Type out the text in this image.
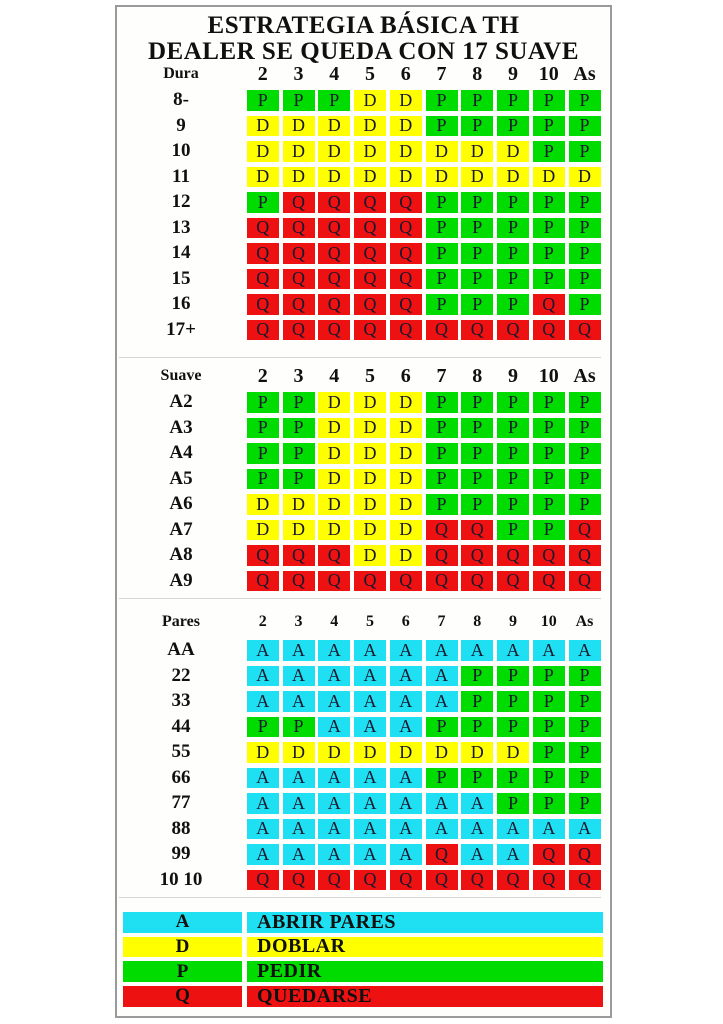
ESTRATEGIA BÁSICA TH
DEALER SE QUEDA CON 17 SUAVE
Dura	2	3	4	5	6	7	8	9	10 As
8-	P	P	P	D	D	P	P	P	P	P
9	D	D	D	D	D	P	P	P	P	P
10	D	D	D	D	D	D	D	D	P	P
11	D	D	D	D	D	D	D	D	D	D
12	P	Q	Q	Q	Q	P	P	P	P	P
13	Q	Q	Q	Q	Q	P	P	P	P	P
14	Q	Q	Q	Q	Q	P	P	P	P	P
15	Q	Q	Q	Q	Q	P	P	P	P	P
16	Q	Q	Q	Q	Q	P	P	P	Q	P
17+	Q	Q	Q	Q	Q	Q	Q	Q	Q	Q
Suave	2	3	4	5	6	7	8	9	10 As
A2	P	P	D	D	D	P	P	P	P	P
A3	P	P	D	D	D	P	P	P	P	P
A4	P	P	D	D	D	P	P	P	P	P
A5	P	P	D	D	D	P	P	P	P	P
A6	D	D	D	D	D	P	P	P	P	P
A7	D	D	D	D	D	Q	Q	P	P	Q
A8	Q	Q	Q	D	D	Q	Q	Q	Q	Q
A9	Q	Q	Q	Q	Q	Q	Q	Q	Q	Q
Pares	2	3	4	5	6	7	8	9	10	As
AA	A	A	A	A	A	A	A	A	A	A
22	A	A	A	A	A	A	P	P	P	P
33	A	A	A	A	A	A	P	P	P	P
44	P	P	A	A	A	P	P	P	P	P
55	D	D	D	D	D	D	D	D	P	P
66	A	A	A	A	A	P	P	P	P	P
77	A	A	A	A	A	A	A	P	P	P
88	A	A	A	A	A	A	A	A	A	A
99	A	A	A	A	A	Q	A	A	Q	Q
10 10	Q	Q	Q	Q	Q	Q	Q	Q	Q	Q
A	ABRIR PARES
D	DOBLAR
P	PEDIR
Q	QUEDARSE
